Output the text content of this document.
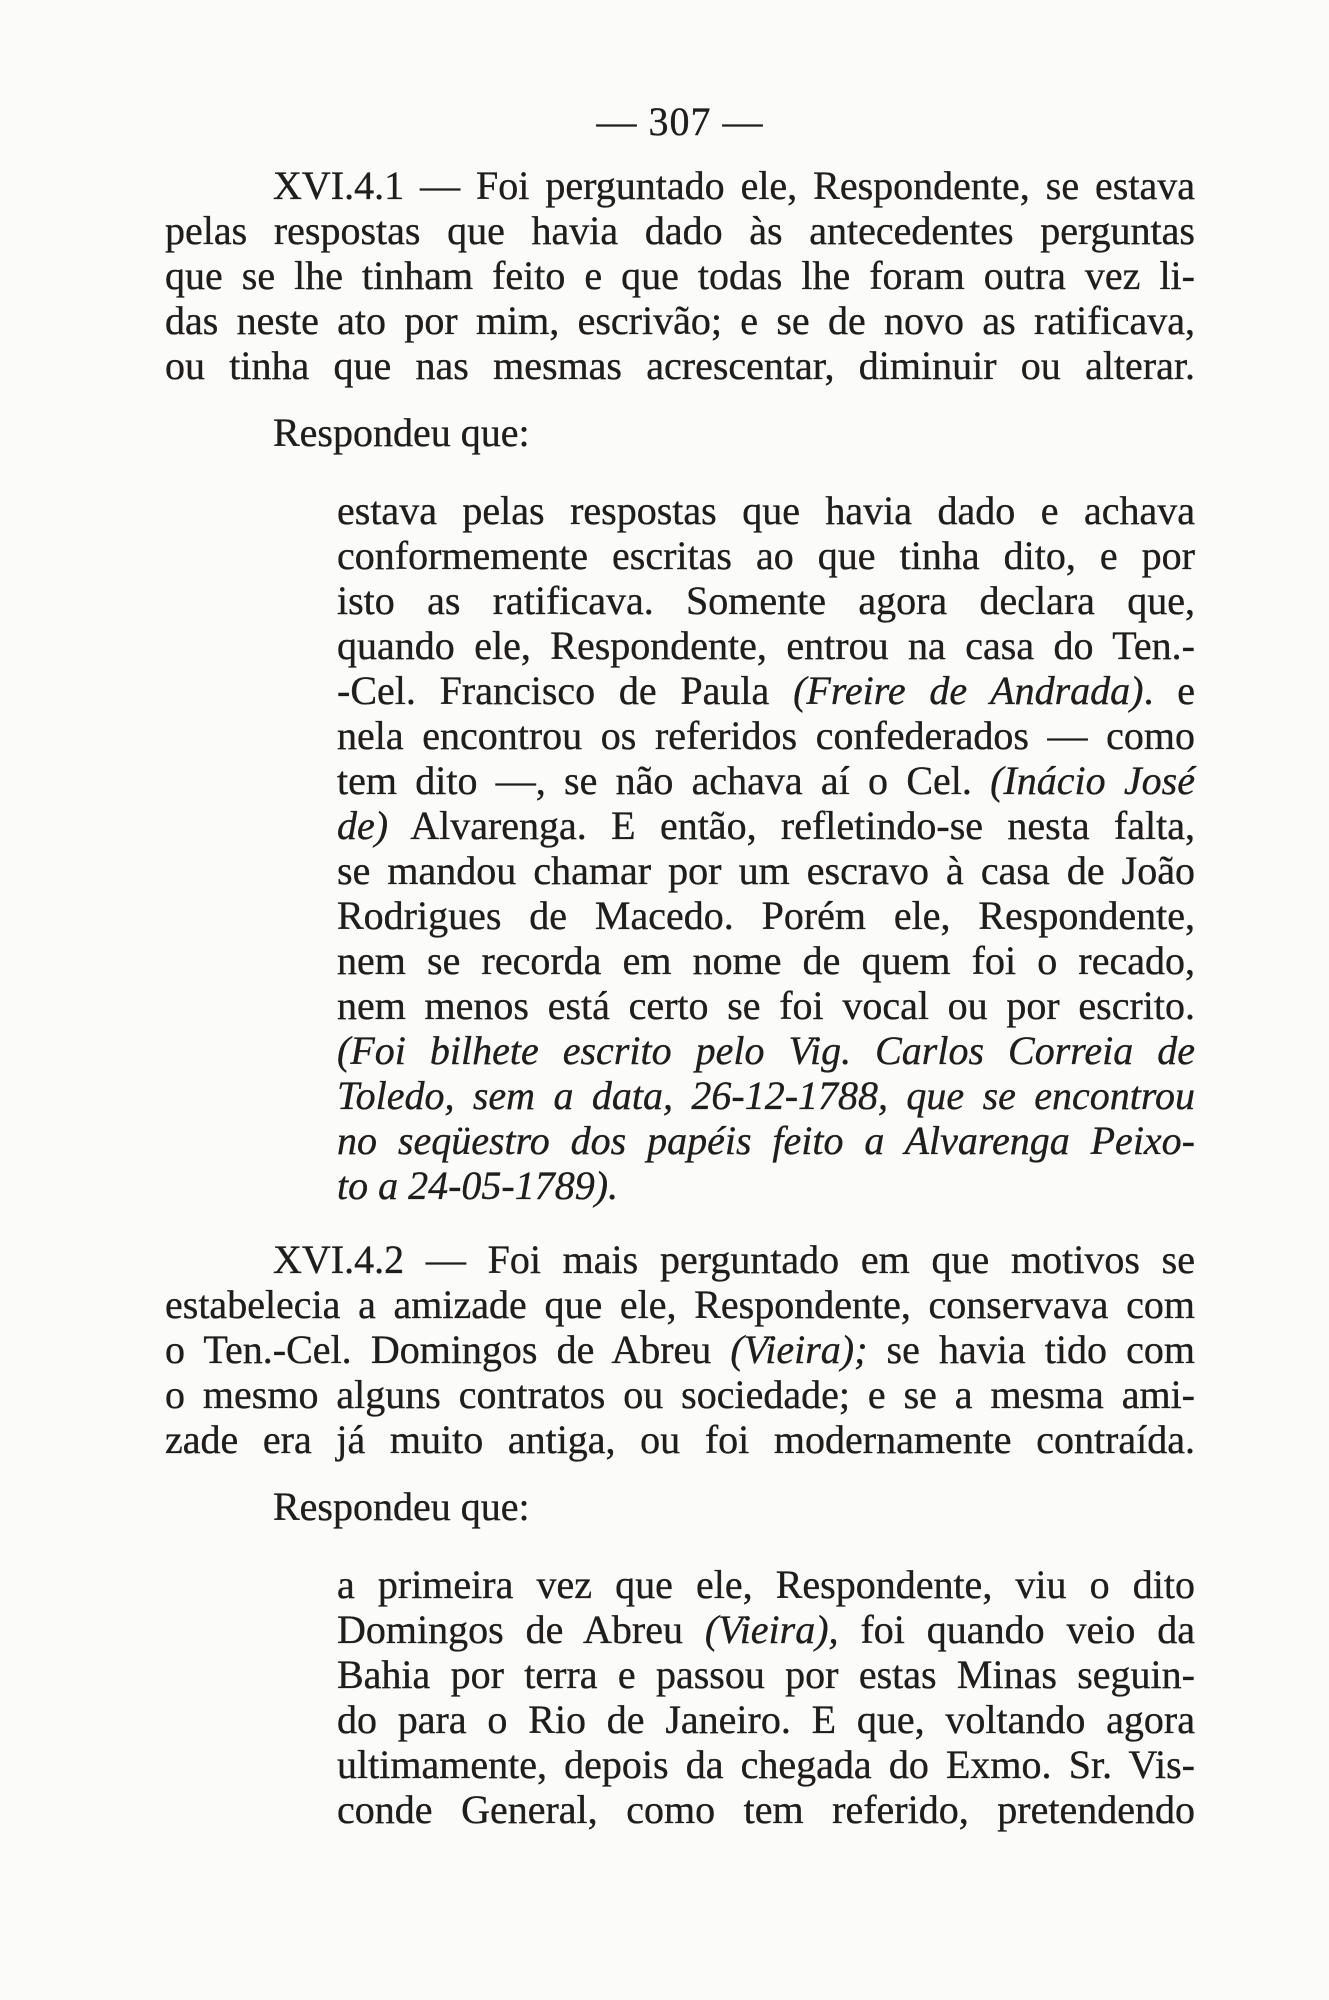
— 307 —
XVI.4.1 — Foi perguntado ele, Respondente, se estava
pelas respostas que havia dado às antecedentes perguntas
que se lhe tinham feito e que todas lhe foram outra vez li-
das neste ato por mim, escrivão; e se de novo as ratificava,
ou tinha que nas mesmas acrescentar, diminuir ou alterar.
Respondeu que:
estava pelas respostas que havia dado e achava
conformemente escritas ao que tinha dito, e por
isto as ratificava. Somente agora declara que,
quando ele, Respondente, entrou na casa do Ten.-
-Cel. Francisco de Paula (Freire de Andrada). e
nela encontrou os referidos confederados — como
tem dito —, se não achava aí o Cel. (Inácio José
de) Alvarenga. E então, refletindo-se nesta falta,
se mandou chamar por um escravo à casa de João
Rodrigues de Macedo. Porém ele, Respondente,
nem se recorda em nome de quem foi o recado,
nem menos está certo se foi vocal ou por escrito.
(Foi bilhete escrito pelo Vig. Carlos Correia de
Toledo, sem a data, 26-12-1788, que se encontrou
no seqüestro dos papéis feito a Alvarenga Peixo-
to a 24-05-1789).
XVI.4.2 — Foi mais perguntado em que motivos se
estabelecia a amizade que ele, Respondente, conservava com
o Ten.-Cel. Domingos de Abreu (Vieira); se havia tido com
o mesmo alguns contratos ou sociedade; e se a mesma ami-
zade era já muito antiga, ou foi modernamente contraída.
Respondeu que:
a primeira vez que ele, Respondente, viu o dito
Domingos de Abreu (Vieira), foi quando veio da
Bahia por terra e passou por estas Minas seguin-
do para o Rio de Janeiro. E que, voltando agora
ultimamente, depois da chegada do Exmo. Sr. Vis-
conde General, como tem referido, pretendendo
